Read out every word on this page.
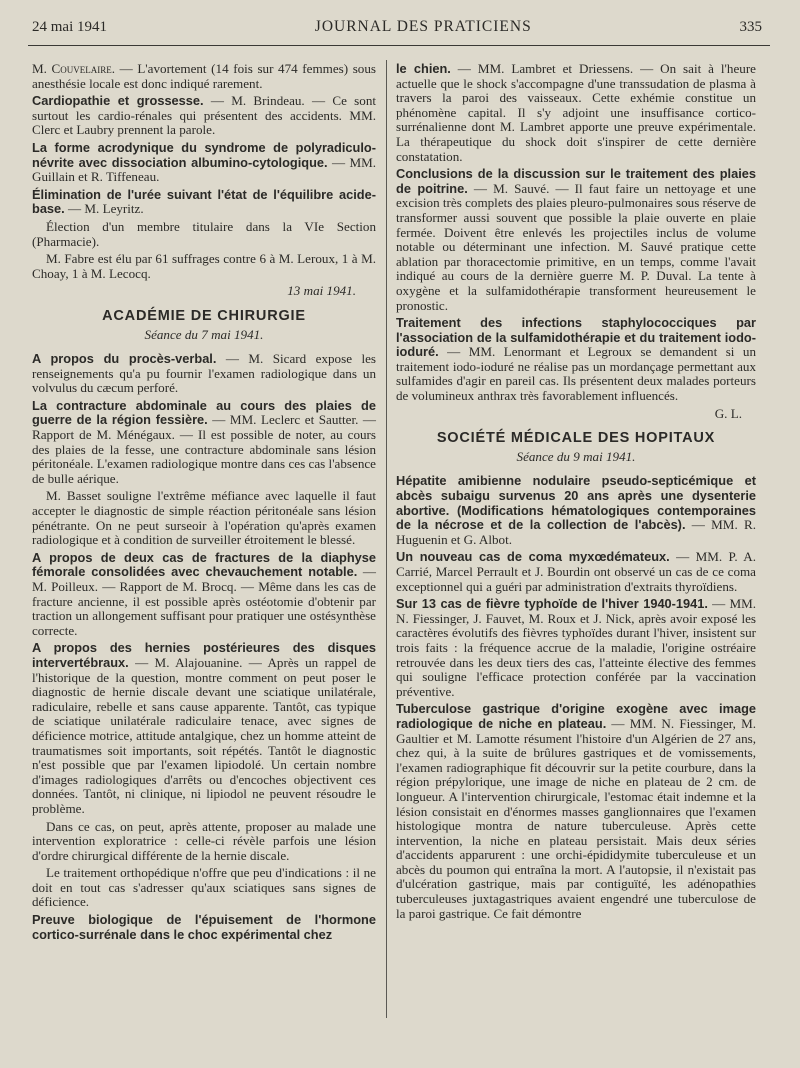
24 mai 1941	JOURNAL DES PRATICIENS	335

M. Couvelaire. — L'avortement (14 fois sur 474 femmes) sous anesthésie locale est donc indiqué rarement.

Cardiopathie et grossesse. — M. Brindeau. — Ce sont surtout les cardio-rénales qui présentent des accidents. MM. Clerc et Laubry prennent la parole.

La forme acrodynique du syndrome de polyradiculo-névrite avec dissociation albumino-cytologique. — MM. Guillain et R. Tiffeneau.

Élimination de l'urée suivant l'état de l'équilibre acide-base. — M. Leyritz.

Élection d'un membre titulaire dans la VIe Section (Pharmacie).

M. Fabre est élu par 61 suffrages contre 6 à M. Leroux, 1 à M. Choay, 1 à M. Lecocq.

13 mai 1941.
ACADÉMIE DE CHIRURGIE
Séance du 7 mai 1941.

A propos du procès-verbal. — M. Sicard expose les renseignements qu'a pu fournir l'examen radiologique dans un volvulus du cæcum perforé.

La contracture abdominale au cours des plaies de guerre de la région fessière. — MM. Leclerc et Sautter. — Rapport de M. Ménégaux. — Il est possible de noter, au cours des plaies de la fesse, une contracture abdominale sans lésion péritonéale. L'examen radiologique montre dans ces cas l'absence de bulle aérique.

M. Basset souligne l'extrême méfiance avec laquelle il faut accepter le diagnostic de simple réaction péritonéale sans lésion pénétrante. On ne peut surseoir à l'opération qu'après examen radiologique et à condition de surveiller étroitement le blessé.

A propos de deux cas de fractures de la diaphyse fémorale consolidées avec chevauchement notable. — M. Poilleux. — Rapport de M. Brocq. — Même dans les cas de fracture ancienne, il est possible après ostéotomie d'obtenir par traction un allongement suffisant pour pratiquer une ostésynthèse correcte.

A propos des hernies postérieures des disques intervertébraux. — M. Alajouanine. — Après un rappel de l'historique de la question, montre comment on peut poser le diagnostic de hernie discale devant une sciatique unilatérale, radiculaire, rebelle et sans cause apparente. Tantôt, cas typique de sciatique unilatérale radiculaire tenace, avec signes de déficience motrice, attitude antalgique, chez un homme atteint de traumatismes soit importants, soit répétés. Tantôt le diagnostic n'est possible que par l'examen lipiodolé. Un certain nombre d'images radiologiques d'arrêts ou d'encoches objectivent ces données. Tantôt, ni clinique, ni lipiodol ne peuvent résoudre le problème.

Dans ce cas, on peut, après attente, proposer au malade une intervention exploratrice : celle-ci révèle parfois une lésion d'ordre chirurgical différente de la hernie discale.

Le traitement orthopédique n'offre que peu d'indications : il ne doit en tout cas s'adresser qu'aux sciatiques sans signes de déficience.

Preuve biologique de l'épuisement de l'hormone cortico-surrénale dans le choc expérimental chez

le chien. — MM. Lambret et Driessens. — On sait à l'heure actuelle que le shock s'accompagne d'une transsudation de plasma à travers la paroi des vaisseaux. Cette exhémie constitue un phénomène capital. Il s'y adjoint une insuffisance cortico-surrénalienne dont M. Lambret apporte une preuve expérimentale. La thérapeutique du shock doit s'inspirer de cette dernière constatation.

Conclusions de la discussion sur le traitement des plaies de poitrine. — M. Sauvé. — Il faut faire un nettoyage et une excision très complets des plaies pleuro-pulmonaires sous réserve de transformer aussi souvent que possible la plaie ouverte en plaie fermée. Doivent être enlevés les projectiles inclus de volume notable ou déterminant une infection. M. Sauvé pratique cette ablation par thoracectomie primitive, en un temps, comme l'avait indiqué au cours de la dernière guerre M. P. Duval. La tente à oxygène et la sulfamidothérapie transforment heureusement le pronostic.

Traitement des infections staphylococciques par l'association de la sulfamidothérapie et du traitement iodo-ioduré. — MM. Lenormant et Legroux se demandent si un traitement iodo-ioduré ne réalise pas un mordançage permettant aux sulfamides d'agir en pareil cas. Ils présentent deux malades porteurs de volumineux anthrax très favorablement influencés.

G. L.
SOCIÉTÉ MÉDICALE DES HOPITAUX
Séance du 9 mai 1941.

Hépatite amibienne nodulaire pseudo-septicémique et abcès subaigu survenus 20 ans après une dysenterie abortive. (Modifications hématologiques contemporaines de la nécrose et de la collection de l'abcès). — MM. R. Huguenin et G. Albot.

Un nouveau cas de coma myxœdémateux. — MM. P. A. Carrié, Marcel Perrault et J. Bourdin ont observé un cas de ce coma exceptionnel qui a guéri par administration d'extraits thyroïdiens.

Sur 13 cas de fièvre typhoïde de l'hiver 1940-1941. — MM. N. Fiessinger, J. Fauvet, M. Roux et J. Nick, après avoir exposé les caractères évolutifs des fièvres typhoïdes durant l'hiver, insistent sur trois faits : la fréquence accrue de la maladie, l'origine ostréaire retrouvée dans les deux tiers des cas, l'atteinte élective des femmes qui souligne l'efficace protection conférée par la vaccination préventive.

Tuberculose gastrique d'origine exogène avec image radiologique de niche en plateau. — MM. N. Fiessinger, M. Gaultier et M. Lamotte résument l'histoire d'un Algérien de 27 ans, chez qui, à la suite de brûlures gastriques et de vomissements, l'examen radiographique fit découvrir sur la petite courbure, dans la région prépylorique, une image de niche en plateau de 2 cm. de longueur. A l'intervention chirurgicale, l'estomac était indemne et la lésion consistait en d'énormes masses ganglionnaires que l'examen histologique montra de nature tuberculeuse. Après cette intervention, la niche en plateau persistait. Mais deux séries d'accidents apparurent : une orchi-épididymite tuberculeuse et un abcès du poumon qui entraîna la mort. A l'autopsie, il n'existait pas d'ulcération gastrique, mais par contiguïté, les adénopathies tuberculeuses juxtagastriques avaient engendré une tuberculose de la paroi gastrique. Ce fait démontre
